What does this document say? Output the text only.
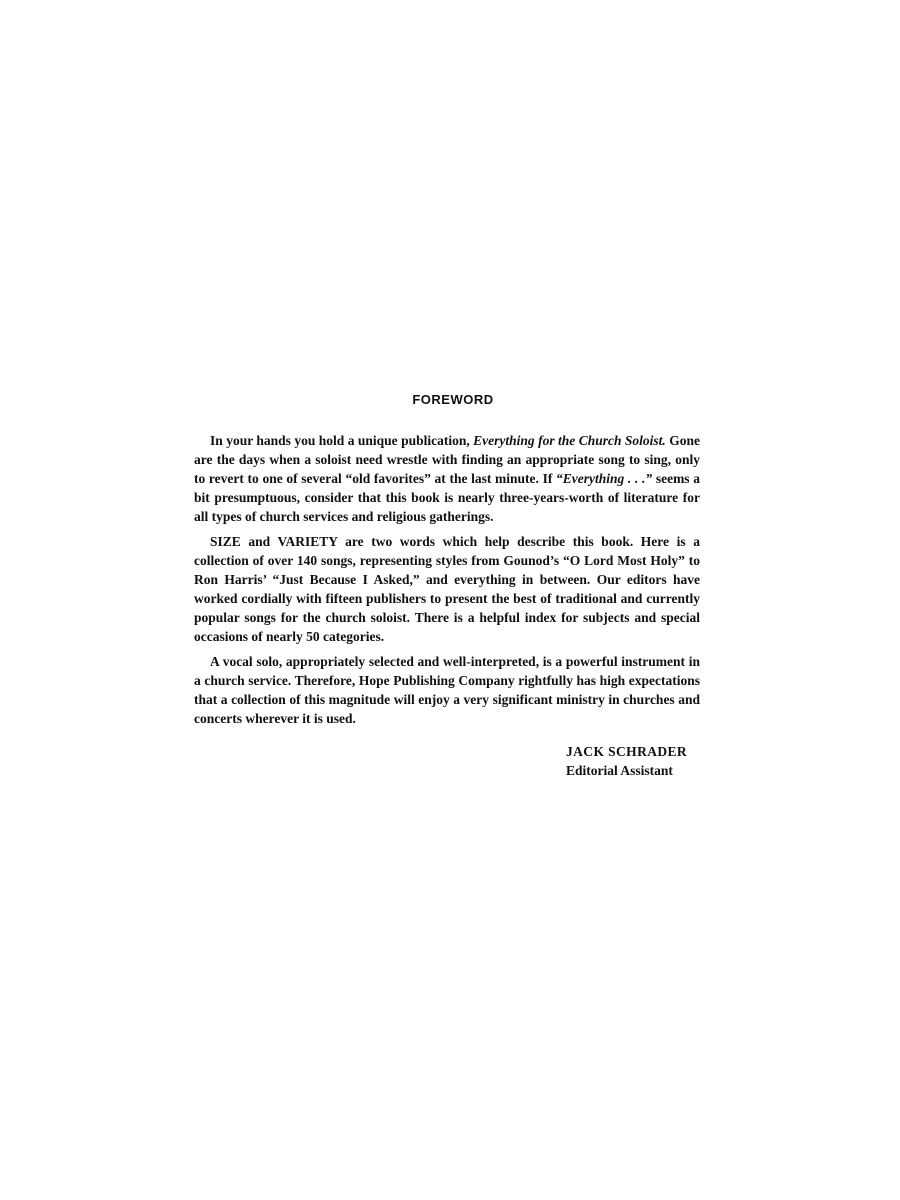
FOREWORD

In your hands you hold a unique publication, Everything for the Church Soloist. Gone are the days when a soloist need wrestle with finding an appropriate song to sing, only to revert to one of several “old favorites” at the last minute. If “Everything . . .” seems a bit presumptuous, consider that this book is nearly three-years-worth of literature for all types of church services and religious gatherings.

SIZE and VARIETY are two words which help describe this book. Here is a collection of over 140 songs, representing styles from Gounod’s “O Lord Most Holy” to Ron Harris’ “Just Because I Asked,” and everything in between. Our editors have worked cordially with fifteen publishers to present the best of traditional and currently popular songs for the church soloist. There is a helpful index for subjects and special occasions of nearly 50 categories.

A vocal solo, appropriately selected and well-interpreted, is a powerful instrument in a church service. Therefore, Hope Publishing Company rightfully has high expectations that a collection of this magnitude will enjoy a very significant ministry in churches and concerts wherever it is used.

JACK SCHRADER
Editorial Assistant
